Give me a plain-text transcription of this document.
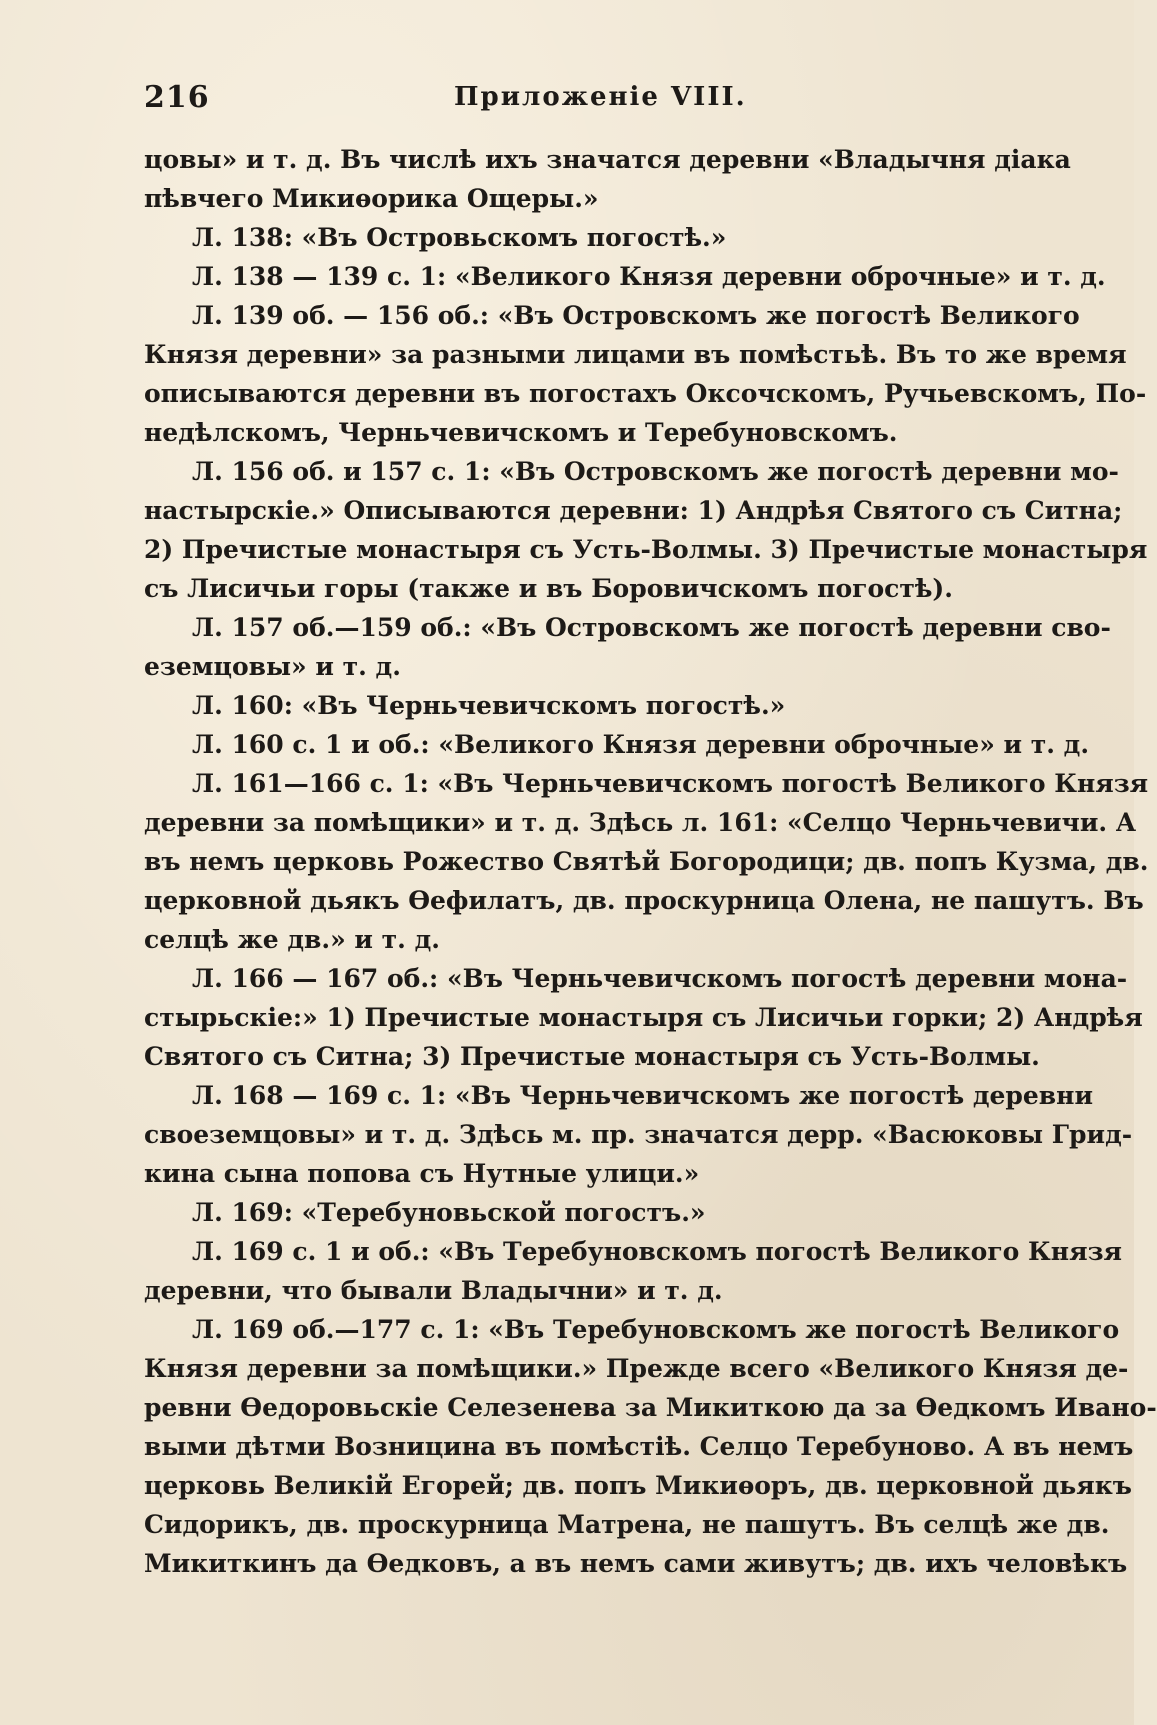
216	Приложеніе VIII.
цовы» и т. д. Въ числѣ ихъ значатся деревни «Владычня діака
пѣвчего Микиѳорика Ощеры.»
Л. 138: «Въ Островьскомъ погостѣ.»
Л. 138 — 139 с. 1: «Великого Князя деревни оброчные» и т. д.
Л. 139 об. — 156 об.: «Въ Островскомъ же погостѣ Великого
Князя деревни» за разными лицами въ помѣстьѣ. Въ то же время
описываются деревни въ погостахъ Оксочскомъ, Ручьевскомъ, По-
недѣлскомъ, Черньчевичскомъ и Теребуновскомъ.
Л. 156 об. и 157 с. 1: «Въ Островскомъ же погостѣ деревни мо-
настырскіе.» Описываются деревни: 1) Андрѣя Святого съ Ситна;
2) Пречистые монастыря съ Усть-Волмы. 3) Пречистые монастыря
съ Лисичьи горы (также и въ Боровичскомъ погостѣ).
Л. 157 об.—159 об.: «Въ Островскомъ же погостѣ деревни сво-
еземцовы» и т. д.
Л. 160: «Въ Черньчевичскомъ погостѣ.»
Л. 160 с. 1 и об.: «Великого Князя деревни оброчные» и т. д.
Л. 161—166 с. 1: «Въ Черньчевичскомъ погостѣ Великого Князя
деревни за помѣщики» и т. д. Здѣсь л. 161: «Селцо Черньчевичи. А
въ немъ церковь Рожество Святѣй Богородици; дв. попъ Кузма, дв.
церковной дьякъ Ѳефилатъ, дв. проскурница Олена, не пашутъ. Въ
селцѣ же дв.» и т. д.
Л. 166 — 167 об.: «Въ Черньчевичскомъ погостѣ деревни мона-
стырьскіе:» 1) Пречистые монастыря съ Лисичьи горки; 2) Андрѣя
Святого съ Ситна; 3) Пречистые монастыря съ Усть-Волмы.
Л. 168 — 169 с. 1: «Въ Черньчевичскомъ же погостѣ деревни
своеземцовы» и т. д. Здѣсь м. пр. значатся дерр. «Васюковы Грид-
кина сына попова съ Нутные улици.»
Л. 169: «Теребуновьской погостъ.»
Л. 169 с. 1 и об.: «Въ Теребуновскомъ погостѣ Великого Князя
деревни, что бывали Владычни» и т. д.
Л. 169 об.—177 с. 1: «Въ Теребуновскомъ же погостѣ Великого
Князя деревни за помѣщики.» Прежде всего «Великого Князя де-
ревни Ѳедоровьскіе Селезенева за Микиткою да за Ѳедкомъ Ивано-
выми дѣтми Возницина въ помѣстіѣ. Селцо Теребуново. А въ немъ
церковь Великій Егорей; дв. попъ Микиѳоръ, дв. церковной дьякъ
Сидорикъ, дв. проскурница Матрена, не пашутъ. Въ селцѣ же дв.
Микиткинъ да Ѳедковъ, а въ немъ сами живутъ; дв. ихъ человѣкъ
